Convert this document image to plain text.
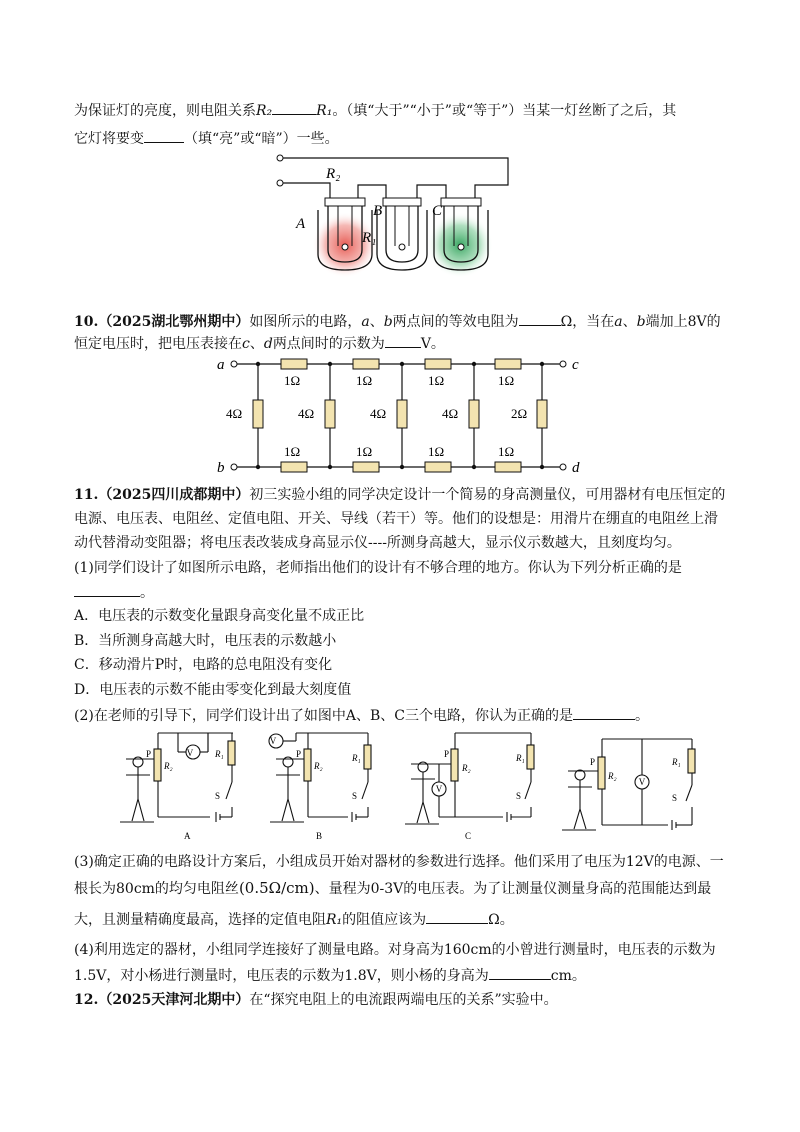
为保证灯的亮度，则电阻关系R₂	R₁。（填“大于”“小于”或“等于”）当某一灯丝断了之后，其
它灯将要变	（填“亮”或“暗”）一些。
R₂
A
B	C
R₁
10.（2025湖北鄂州期中）如图所示的电路，a、b两点间的等效电阻为	Ω，当在a、b端加上8V的
恒定电压时，把电压表接在c、d两点间时的示数为	V。
a
b
c
d
1Ω	1Ω	1Ω	1Ω
1Ω	1Ω	1Ω	1Ω
4Ω	4Ω	4Ω	4Ω	2Ω
11.（2025四川成都期中）初三实验小组的同学决定设计一个简易的身高测量仪，可用器材有电压恒定的
电源、电压表、电阻丝、定值电阻、开关、导线（若干）等。他们的设想是：用滑片在绷直的电阻丝上滑
动代替滑动变阻器；将电压表改装成身高显示仪----所测身高越大，显示仪示数越大，且刻度均匀。
(1)同学们设计了如图所示电路，老师指出他们的设计有不够合理的地方。你认为下列分析正确的是
。
A．电压表的示数变化量跟身高变化量不成正比
B．当所测身高越大时，电压表的示数越小
C．移动滑片P时，电路的总电阻没有变化
D．电压表的示数不能由零变化到最大刻度值
(2)在老师的引导下，同学们设计出了如图中A、B、C三个电路，你认为正确的是	。
V
P
R₂
R₁
S
A
V
P
R₂
R₁
S
B
V
P
R₂
R₁
S
C
V
P
R₂
R₁
S
(3)确定正确的电路设计方案后，小组成员开始对器材的参数进行选择。他们采用了电压为12V的电源、一
根长为80cm的均匀电阻丝(0.5Ω/cm)、量程为0-3V的电压表。为了让测量仪测量身高的范围能达到最
大，且测量精确度最高，选择的定值电阻R₁的阻值应该为	Ω。
(4)利用选定的器材，小组同学连接好了测量电路。对身高为160cm的小曾进行测量时，电压表的示数为
1.5V，对小杨进行测量时，电压表的示数为1.8V，则小杨的身高为	cm。
12.（2025天津河北期中）在“探究电阻上的电流跟两端电压的关系”实验中。
